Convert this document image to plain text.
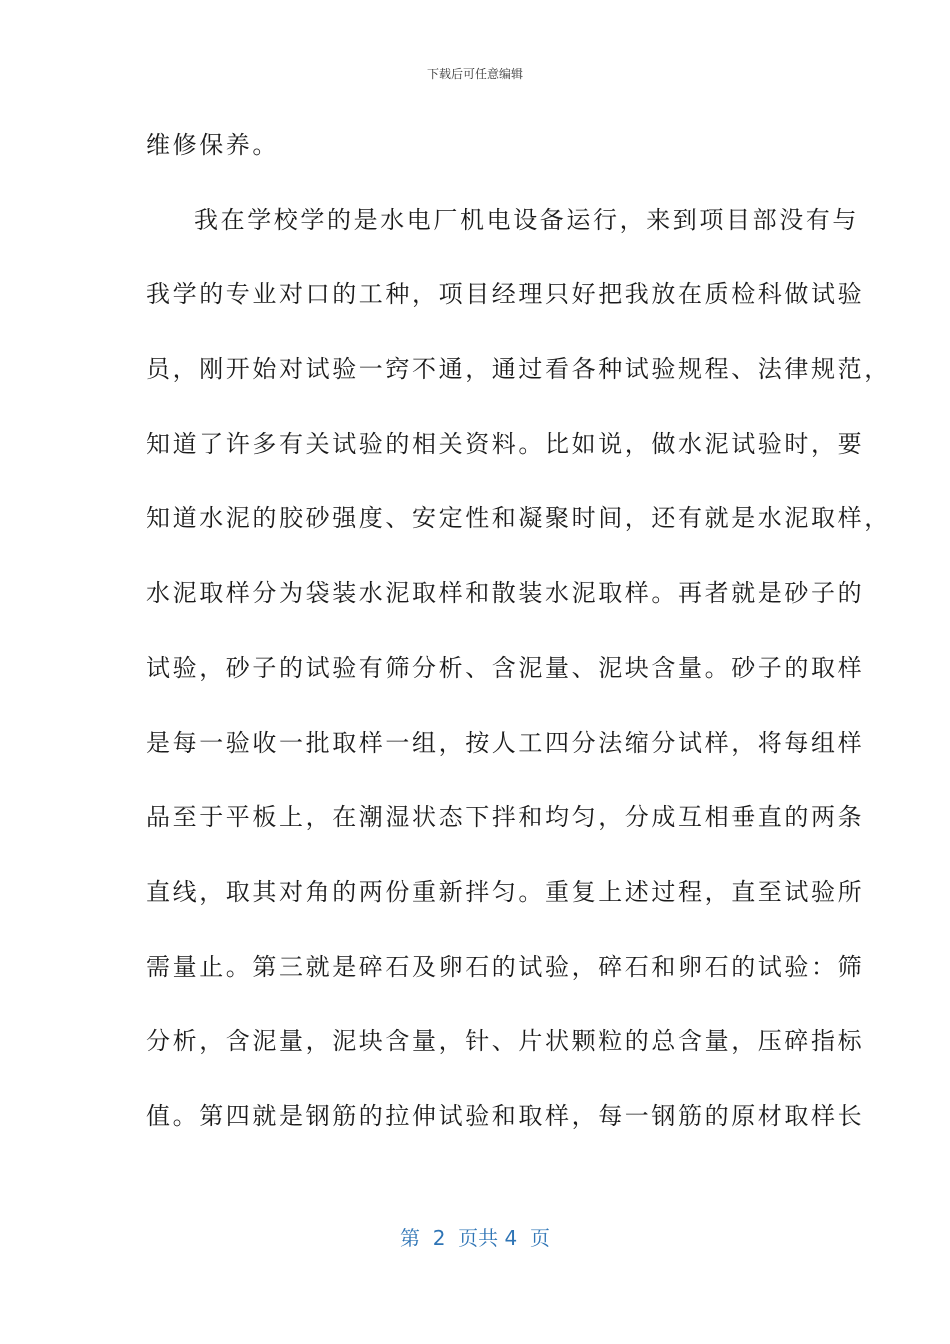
下载后可任意编辑
维修保养。
我在学校学的是水电厂机电设备运行，来到项目部没有与
我学的专业对口的工种，项目经理只好把我放在质检科做试验
员，刚开始对试验一窍不通，通过看各种试验规程、法律规范，
知道了许多有关试验的相关资料。比如说，做水泥试验时，要
知道水泥的胶砂强度、安定性和凝聚时间，还有就是水泥取样，
水泥取样分为袋装水泥取样和散装水泥取样。再者就是砂子的
试验，砂子的试验有筛分析、含泥量、泥块含量。砂子的取样
是每一验收一批取样一组，按人工四分法缩分试样，将每组样
品至于平板上，在潮湿状态下拌和均匀，分成互相垂直的两条
直线，取其对角的两份重新拌匀。重复上述过程，直至试验所
需量止。第三就是碎石及卵石的试验，碎石和卵石的试验：筛
分析，含泥量，泥块含量，针、片状颗粒的总含量，压碎指标
值。第四就是钢筋的拉伸试验和取样，每一钢筋的原材取样长
第  2  页共 4  页
